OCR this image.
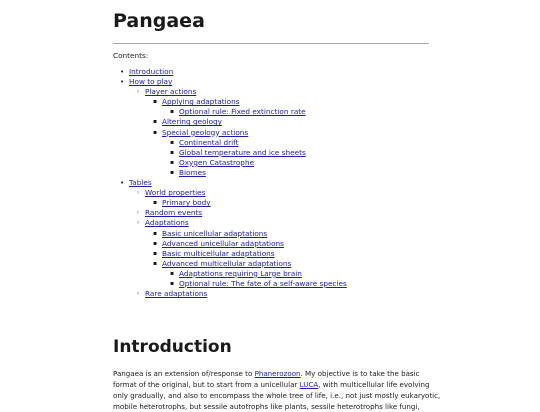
Pangaea
Contents:
• Introduction
• How to play
◦ Player actions
▪ Applying adaptations
▪ Optional rule: Fixed extinction rate
▪ Altering geology
▪ Special geology actions
▪ Continental drift
▪ Global temperature and ice sheets
▪ Oxygen Catastrophe
▪ Biomes
• Tables
◦ World properties
▪ Primary body
◦ Random events
◦ Adaptations
▪ Basic unicellular adaptations
▪ Advanced unicellular adaptations
▪ Basic multicellular adaptations
▪ Advanced multicellular adaptations
▪ Adaptations requiring Large brain
▪ Optional rule: The fate of a self-aware species
◦ Rare adaptations
Introduction
Pangaea is an extension of/response to Phanerozoon. My objective is to take the basic
format of the original, but to start from a unicellular LUCA, with multicellular life evolving
only gradually, and also to encompass the whole tree of life, i.e., not just mostly eukaryotic,
mobile heterotrophs, but sessile autotrophs like plants, sessile heterotrophs like fungi,
